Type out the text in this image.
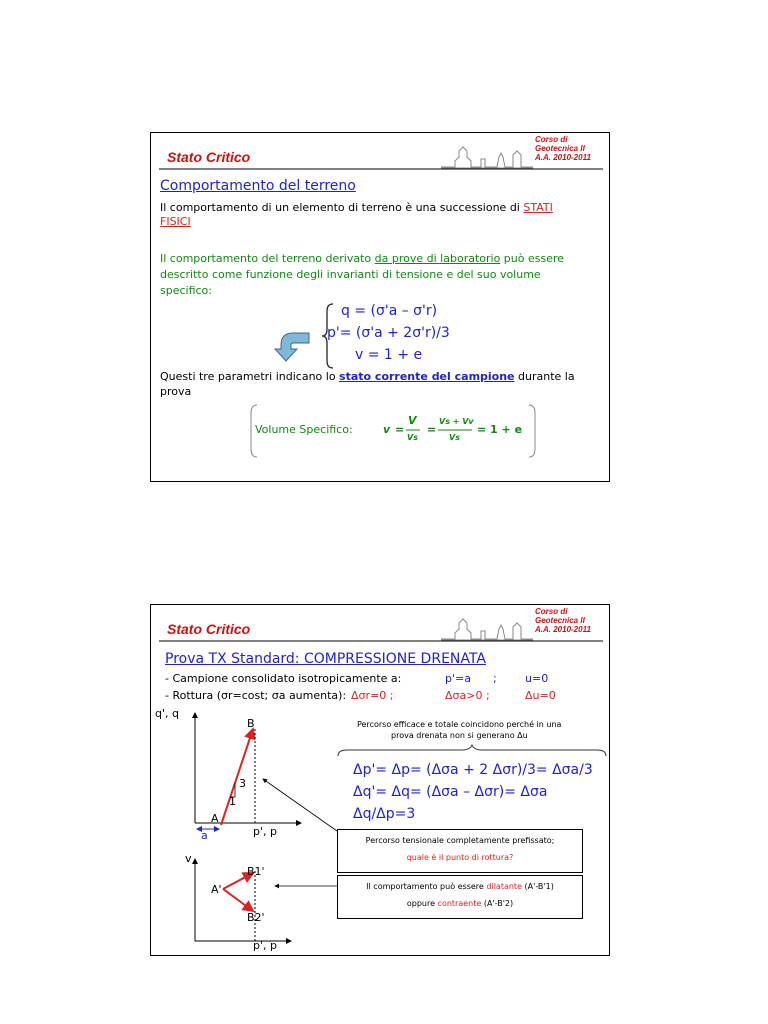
Stato Critico
Corso di
Geotecnica II
A.A. 2010-2011
Comportamento del terreno
Il comportamento di un elemento di terreno è una successione di STATI
FISICI
Il comportamento del terreno derivato da prove di laboratorio può essere
descritto come funzione degli invarianti di tensione e del suo volume
specifico:
q = (σ'a – σ'r)
p'= (σ'a + 2σ'r)/3
v = 1 + e
Questi tre parametri indicano lo stato corrente del campione durante la
prova
Volume Specifico:	v =
V
Vs
=
Vs + Vv
Vs
= 1 + e
Stato Critico
Corso di
Geotecnica II
A.A. 2010-2011
Prova TX Standard: COMPRESSIONE DRENATA
- Campione consolidato isotropicamente a:	p'=a ;	u=0
- Rottura (σr=cost; σa aumenta): Δσr=0 ;	Δσa>0 ;	Δu=0
q', q
p', p
A
B
a
3
1
v
p', p
A'
B1'
B2'
Percorso efficace e totale coincidono perché in una
prova drenata non si generano Δu
Δp'= Δp= (Δσa + 2 Δσr)/3= Δσa/3
Δq'= Δq= (Δσa – Δσr)= Δσa
Δq/Δp=3
Percorso tensionale completamente prefissato;
quale è il punto di rottura?
Il comportamento può essere dilatante (A'-B'1)
oppure contraente (A'-B'2)
